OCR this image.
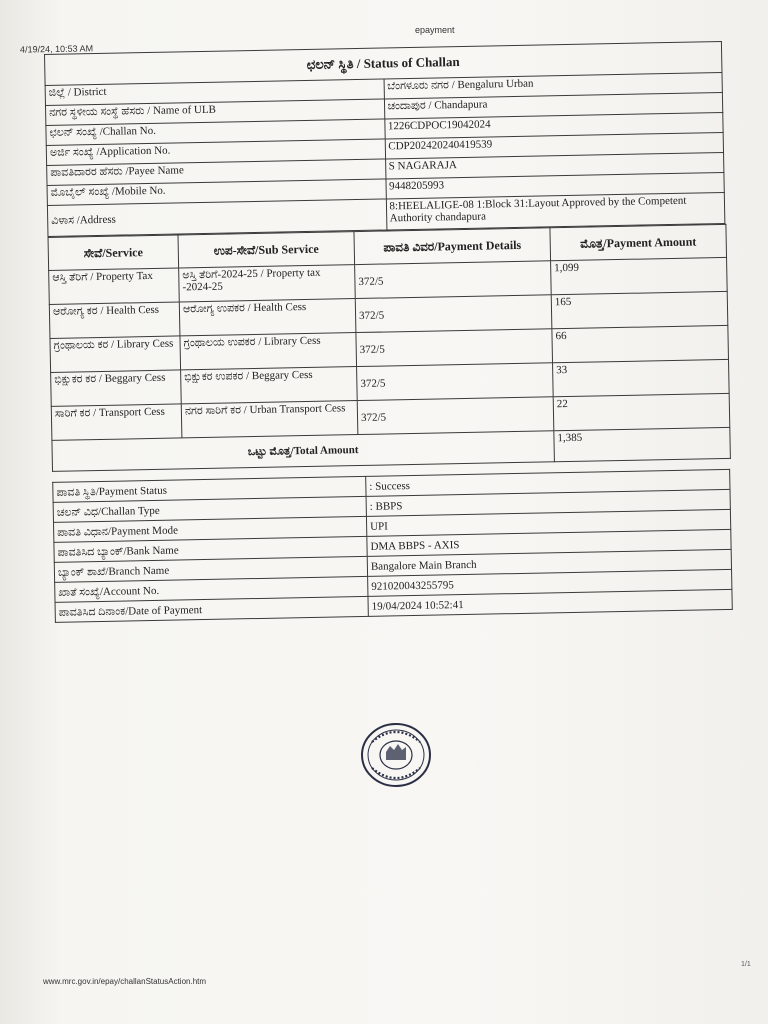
4/19/24, 10:53 AM
epayment
ಛಲನ್ ಸ್ಥಿತಿ / Status of Challan	
ಜಿಲ್ಲೆ / District	ಬೆಂಗಳೂರು ನಗರ / Bengaluru Urban
ನಗರ ಸ್ಥಳೀಯ ಸಂಸ್ಥೆ ಹೆಸರು / Name of ULB	ಚಂದಾಪುರ / Chandapura
ಛಲನ್ ಸಂಖ್ಯೆ /Challan No.	1226CDPOC19042024
ಅರ್ಜಿ ಸಂಖ್ಯೆ /Application No.	CDP202420240419539
ಪಾವತಿದಾರರ ಹೆಸರು /Payee Name	S NAGARAJA
ಮೊಬೈಲ್ ಸಂಖ್ಯೆ /Mobile No.	9448205993
ವಿಳಾಸ /Address	8:HEELALIGE-08 1:Block 31:Layout Approved by the Competent Authority chandapura
ಸೇವೆ/Service	ಉಪ-ಸೇವೆ/Sub Service	ಪಾವತಿ ವಿವರ/Payment Details	ಮೊತ್ತ/Payment Amount
ಆಸ್ತಿ ತೆರಿಗೆ / Property Tax	ಅಸ್ತಿ ತೆರಿಗೆ-2024-25 / Property tax -2024-25	372/5	1,099
ಆರೋಗ್ಯ ಕರ / Health Cess	ಆರೋಗ್ಯ ಉಪಕರ / Health Cess	372/5	165
ಗ್ರಂಥಾಲಯ ಕರ / Library Cess	ಗ್ರಂಥಾಲಯ ಉಪಕರ / Library Cess	372/5	66
ಭಿಕ್ಷುಕರ ಕರ / Beggary Cess	ಭಿಕ್ಷುಕರ ಉಪಕರ / Beggary Cess	372/5	33
ಸಾರಿಗೆ ಕರ / Transport Cess	ನಗರ ಸಾರಿಗೆ ಕರ / Urban Transport Cess	372/5	22
ಒಟ್ಟು ಮೊತ್ತ/Total Amount			1,385
ಪಾವತಿ ಸ್ಥಿತಿ/Payment Status	: Success
ಚಲನ್ ವಿಧ/Challan Type	: BBPS
ಪಾವತಿ ವಿಧಾನ/Payment Mode	UPI
ಪಾವತಿಸಿದ ಬ್ಯಾಂಕ್/Bank Name	DMA BBPS - AXIS
ಬ್ಯಾಂಕ್ ಶಾಖೆ/Branch Name	Bangalore Main Branch
ಖಾತೆ ಸಂಖ್ಯೆ/Account No.	921020043255795
ಪಾವತಿಸಿದ ದಿನಾಂಕ/Date of Payment	19/04/2024 10:52:41
www.mrc.gov.in/epay/challanStatusAction.htm
1/1
